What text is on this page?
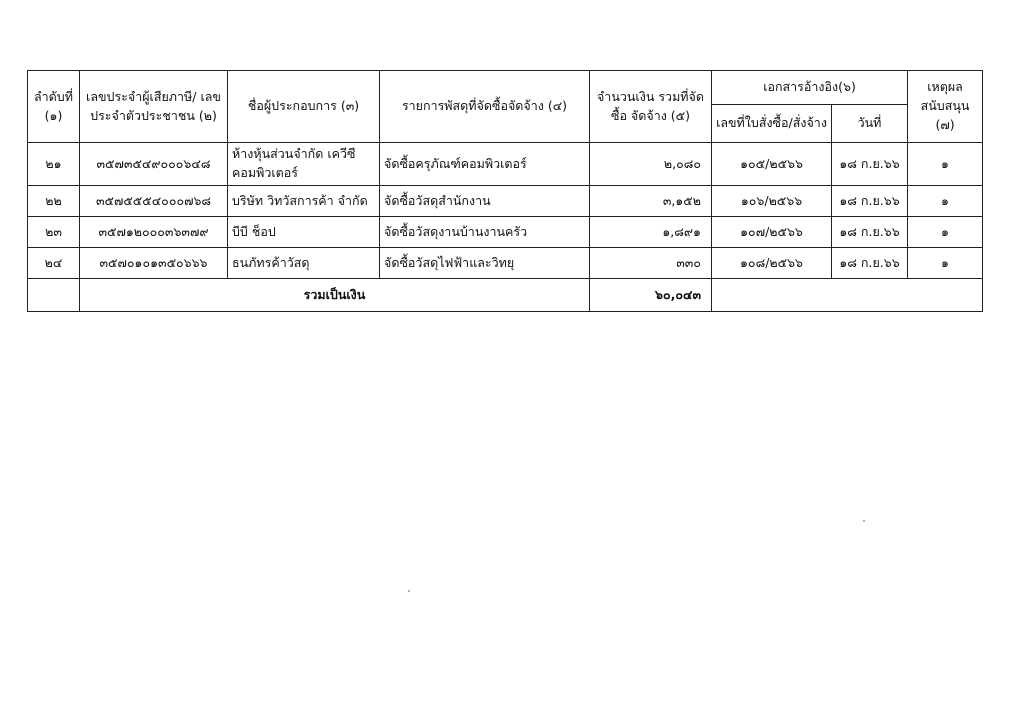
ลำดับที่ (๑)	เลขประจำผู้เสียภาษี/ เลขประจำตัวประชาชน (๒)	ชื่อผู้ประกอบการ (๓)	รายการพัสดุที่จัดซื้อจัดจ้าง (๔)	จำนวนเงิน รวมที่จัดซื้อ จัดจ้าง (๕)	เอกสารอ้างอิง(๖)		เหตุผลสนับสนุน (๗)
					เลขที่ใบสั่งซื้อ/สั่งจ้าง	วันที่	
๒๑	๓๕๗๓๕๔๙๐๐๐๖๔๘	ห้างหุ้นส่วนจำกัด เควีซี คอมพิวเตอร์	จัดซื้อครุภัณฑ์คอมพิวเตอร์	๒,๐๘๐	๑๐๕/๒๕๖๖	๑๘ ก.ย.๖๖	๑
๒๒	๓๕๗๕๕๕๔๐๐๐๗๖๘	บริษัท วิทวัสการค้า จำกัด	จัดซื้อวัสดุสำนักงาน	๓,๑๕๒	๑๐๖/๒๕๖๖	๑๘ ก.ย.๖๖	๑
๒๓	๓๕๗๑๒๐๐๐๓๖๓๗๙	บีบี ช็อป	จัดซื้อวัสดุงานบ้านงานครัว	๑,๘๙๑	๑๐๗/๒๕๖๖	๑๘ ก.ย.๖๖	๑
๒๔	๓๕๗๐๑๐๑๓๕๐๖๖๖	ธนภัทรค้าวัสดุ	จัดซื้อวัสดุไฟฟ้าและวิทยุ	๓๓๐	๑๐๘/๒๕๖๖	๑๘ ก.ย.๖๖	๑
	รวมเป็นเงิน			๖๐,๐๔๓			
